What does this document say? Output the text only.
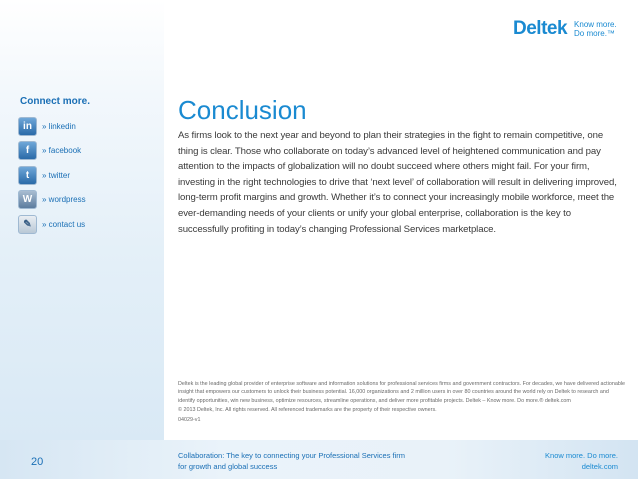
Deltek Know more.
Do more.™
Connect more.
in	» linkedin
f	» facebook
t	» twitter
W	» wordpress
✎	» contact us
Conclusion

As firms look to the next year and beyond to plan their strategies in the fight to remain competitive, one thing is clear. Those who collaborate on today’s advanced level of heightened communication and pay attention to the impacts of globalization will no doubt succeed where others might fail. For your firm, investing in the right technologies to drive that ‘next level’ of collaboration will result in delivering improved, long-term profit margins and growth. Whether it’s to connect your increasingly mobile workforce, meet the ever-demanding needs of your clients or unify your global enterprise, collaboration is the key to successfully profiting in today’s changing Professional Services marketplace.

Deltek is the leading global provider of enterprise software and information solutions for professional services firms and government contractors. For decades, we have delivered actionable insight that empowers our customers to unlock their business potential. 16,000 organizations and 2 million users in over 80 countries around the world rely on Deltek to research and identify opportunities, win new business, optimize resources, streamline operations, and deliver more profitable projects. Deltek – Know more. Do more.® deltek.com

© 2013 Deltek, Inc. All rights reserved. All referenced trademarks are the property of their respective owners.

04029-v1

20
Collaboration: The key to connecting your Professional Services firm for growth and global success
Know more. Do more.
deltek.com
